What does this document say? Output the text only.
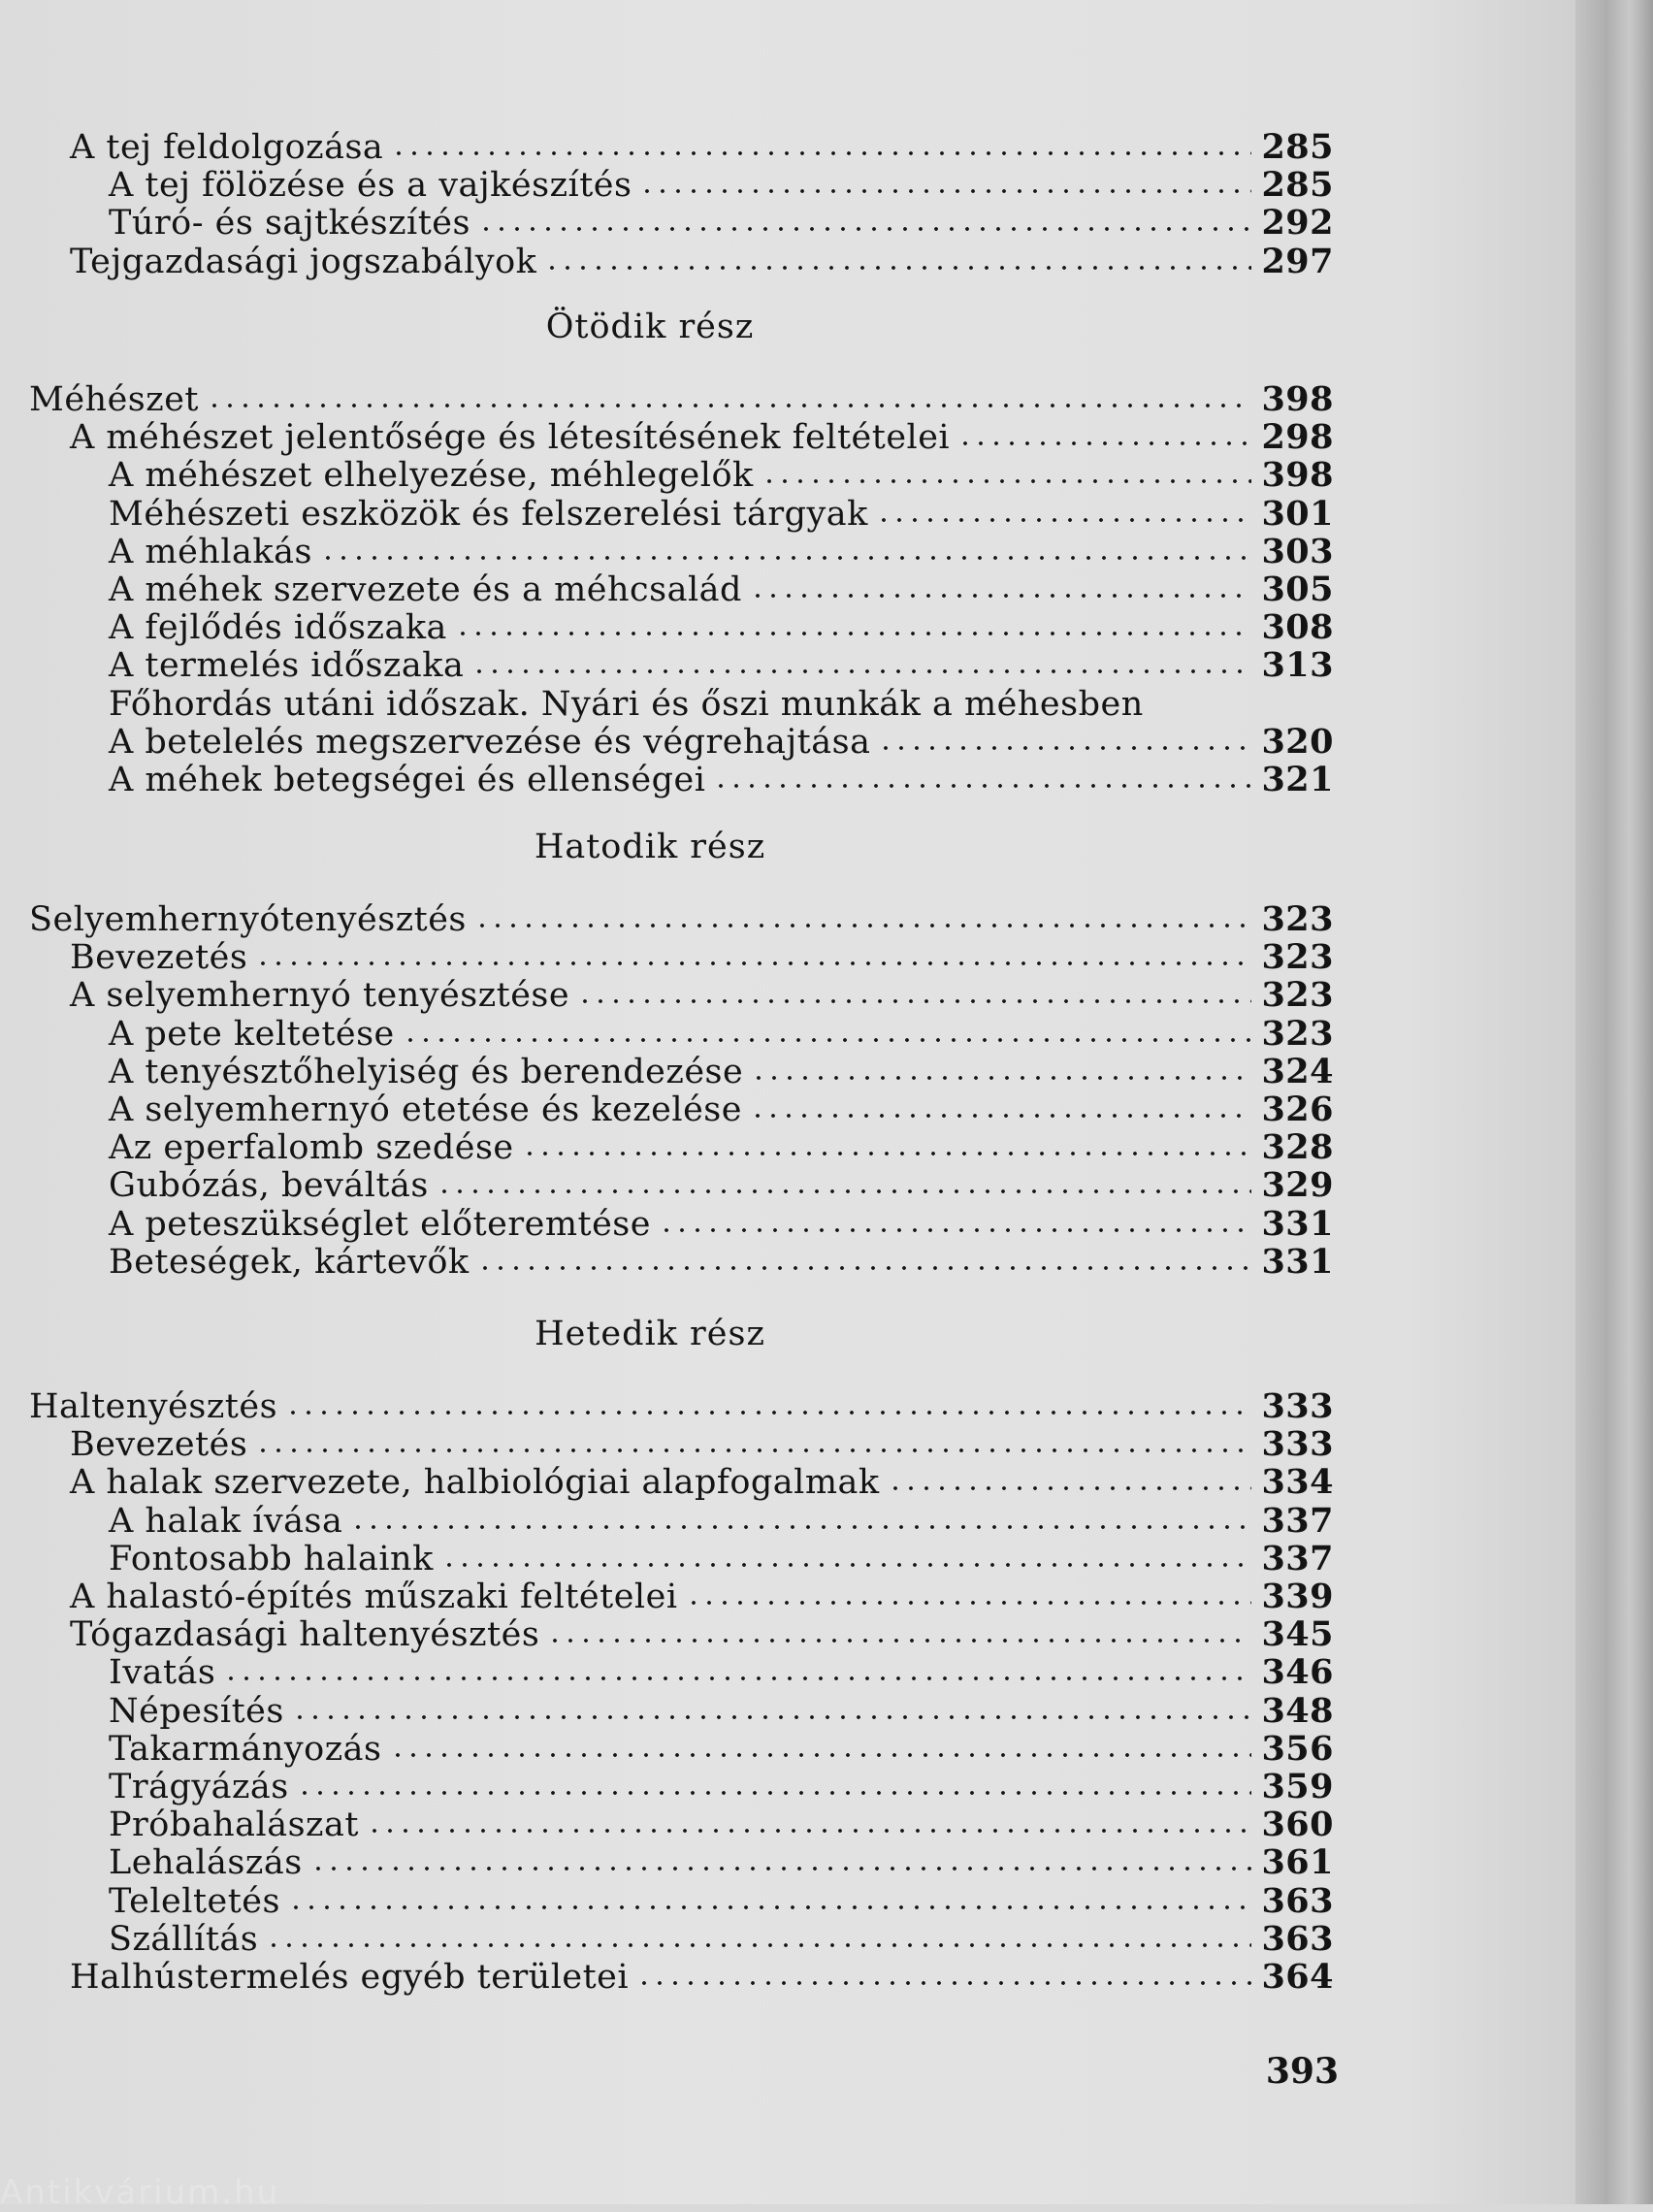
A tej feldolgozása	285
A tej fölözése és a vajkészítés	285
Túró- és sajtkészítés	292
Tejgazdasági jogszabályok	297
Ötödik rész
Méhészet	398
A méhészet jelentősége és létesítésének feltételei	298
A méhészet elhelyezése, méhlegelők	398
Méhészeti eszközök és felszerelési tárgyak	301
A méhlakás	303
A méhek szervezete és a méhcsalád	305
A fejlődés időszaka	308
A termelés időszaka	313
Főhordás utáni időszak. Nyári és őszi munkák a méhesben
A betelelés megszervezése és végrehajtása	320
A méhek betegségei és ellenségei	321
Hatodik rész
Selyemhernyótenyésztés	323
Bevezetés	323
A selyemhernyó tenyésztése	323
A pete keltetése	323
A tenyésztőhelyiség és berendezése	324
A selyemhernyó etetése és kezelése	326
Az eperfalomb szedése	328
Gubózás, beváltás	329
A peteszükséglet előteremtése	331
Beteségek, kártevők	331
Hetedik rész
Haltenyésztés	333
Bevezetés	333
A halak szervezete, halbiológiai alapfogalmak	334
A halak ívása	337
Fontosabb halaink	337
A halastó-építés műszaki feltételei	339
Tógazdasági haltenyésztés	345
Ivatás	346
Népesítés	348
Takarmányozás	356
Trágyázás	359
Próbahalászat	360
Lehalászás	361
Teleltetés	363
Szállítás	363
Halhústermelés egyéb területei	364
393
Antikvárium.hu
